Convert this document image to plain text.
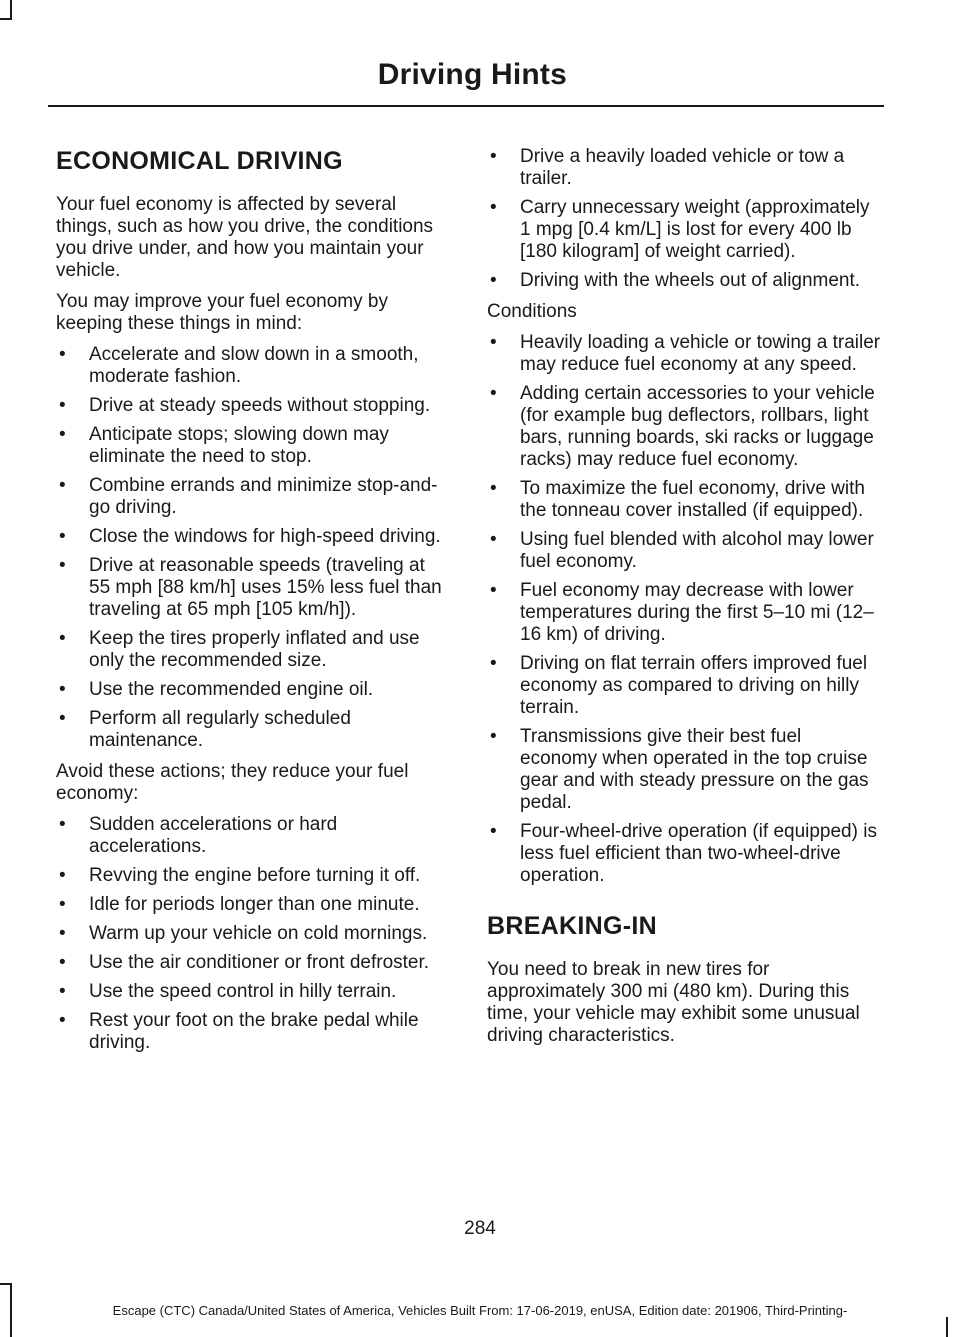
Driving Hints
ECONOMICAL DRIVING

Your fuel economy is affected by several things, such as how you drive, the conditions you drive under, and how you maintain your vehicle.

You may improve your fuel economy by keeping these things in mind:

• Accelerate and slow down in a smooth, moderate fashion.
• Drive at steady speeds without stopping.
• Anticipate stops; slowing down may eliminate the need to stop.
• Combine errands and minimize stop-and-go driving.
• Close the windows for high-speed driving.
• Drive at reasonable speeds (traveling at 55 mph [88 km/h] uses 15% less fuel than traveling at 65 mph [105 km/h]).
• Keep the tires properly inflated and use only the recommended size.
• Use the recommended engine oil.
• Perform all regularly scheduled maintenance.

Avoid these actions; they reduce your fuel economy:

• Sudden accelerations or hard accelerations.
• Revving the engine before turning it off.
• Idle for periods longer than one minute.
• Warm up your vehicle on cold mornings.
• Use the air conditioner or front defroster.
• Use the speed control in hilly terrain.
• Rest your foot on the brake pedal while driving.
• Drive a heavily loaded vehicle or tow a trailer.
• Carry unnecessary weight (approximately 1 mpg [0.4 km/L] is lost for every 400 lb [180 kilogram] of weight carried).
• Driving with the wheels out of alignment.

Conditions

• Heavily loading a vehicle or towing a trailer may reduce fuel economy at any speed.
• Adding certain accessories to your vehicle (for example bug deflectors, rollbars, light bars, running boards, ski racks or luggage racks) may reduce fuel economy.
• To maximize the fuel economy, drive with the tonneau cover installed (if equipped).
• Using fuel blended with alcohol may lower fuel economy.
• Fuel economy may decrease with lower temperatures during the first 5–10 mi (12–16 km) of driving.
• Driving on flat terrain offers improved fuel economy as compared to driving on hilly terrain.
• Transmissions give their best fuel economy when operated in the top cruise gear and with steady pressure on the gas pedal.
• Four-wheel-drive operation (if equipped) is less fuel efficient than two-wheel-drive operation.
BREAKING-IN

You need to break in new tires for approximately 300 mi (480 km). During this time, your vehicle may exhibit some unusual driving characteristics.

284
Escape (CTC) Canada/United States of America, Vehicles Built From: 17-06-2019, enUSA, Edition date: 201906, Third-Printing-
